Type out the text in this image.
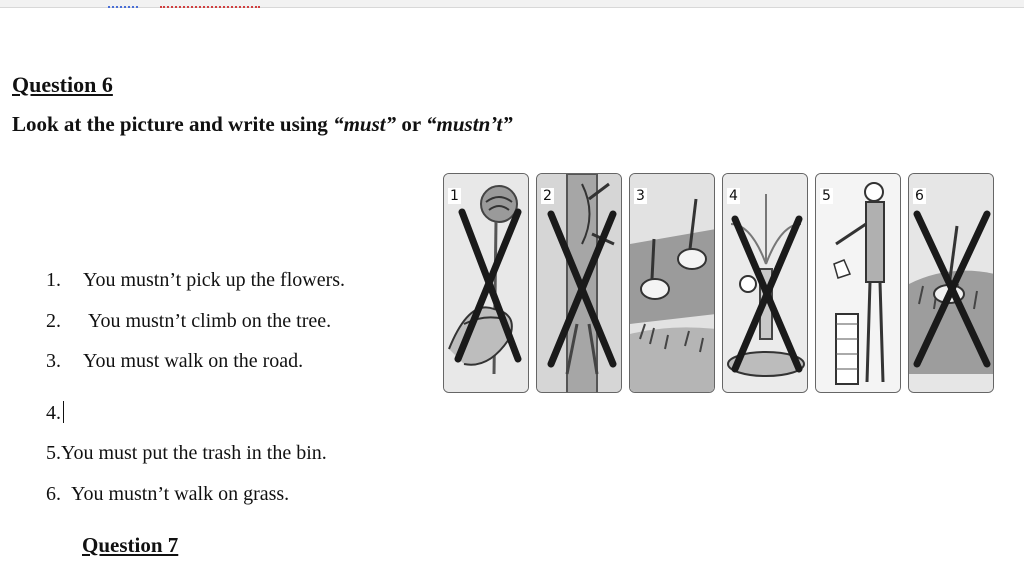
Question 6
Look at the picture and write using “must” or “mustn’t”
1. You mustn’t pick up the flowers.
2. You mustn’t climb on the tree.
3. You must walk on the road.
4.
5.You must put the trash in the bin.
6. You mustn’t walk on grass.
Question 7
1	2	3	4	5	6
